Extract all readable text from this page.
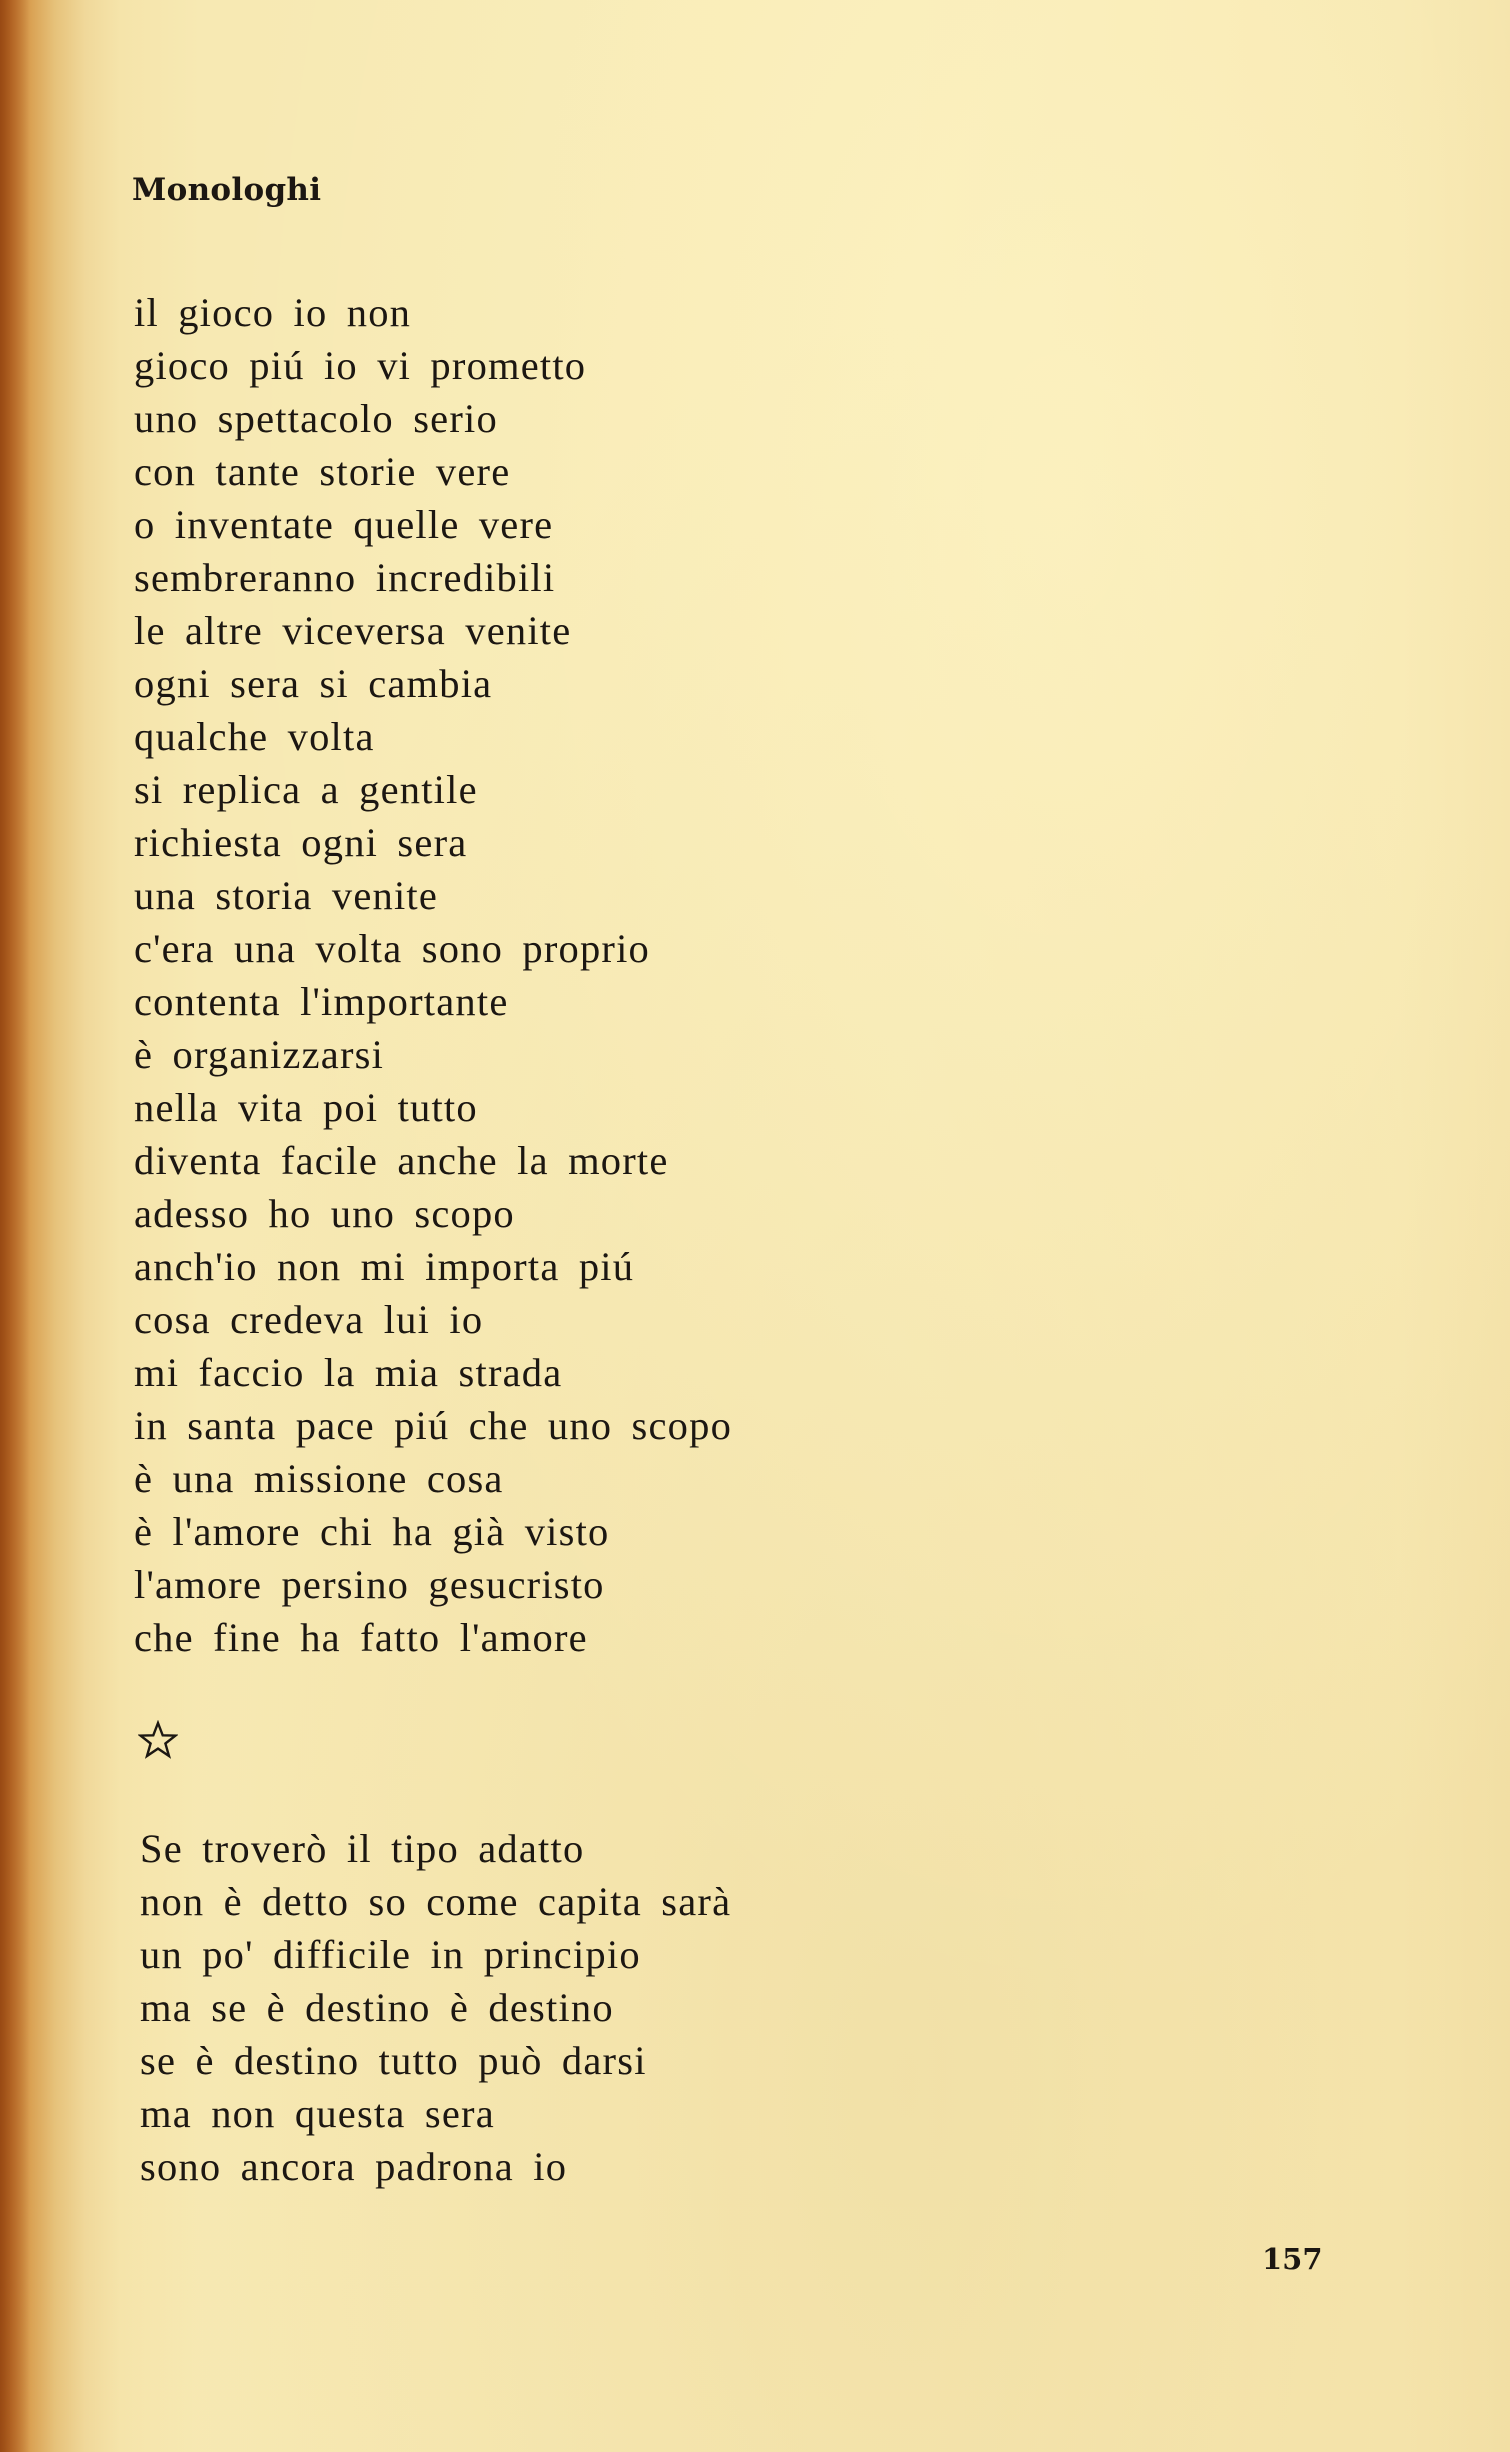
Monologhi

il gioco io non
gioco piú io vi prometto
uno spettacolo serio
con tante storie vere
o inventate quelle vere
sembreranno incredibili
le altre viceversa venite
ogni sera si cambia
qualche volta
si replica a gentile
richiesta ogni sera
una storia venite
c'era una volta sono proprio
contenta l'importante
è organizzarsi
nella vita poi tutto
diventa facile anche la morte
adesso ho uno scopo
anch'io non mi importa piú
cosa credeva lui io
mi faccio la mia strada
in santa pace piú che uno scopo
è una missione cosa
è l'amore chi ha già visto
l'amore persino gesucristo
che fine ha fatto l'amore
Se troverò il tipo adatto
non è detto so come capita sarà
un po' difficile in principio
ma se è destino è destino
se è destino tutto può darsi
ma non questa sera
sono ancora padrona io

157
